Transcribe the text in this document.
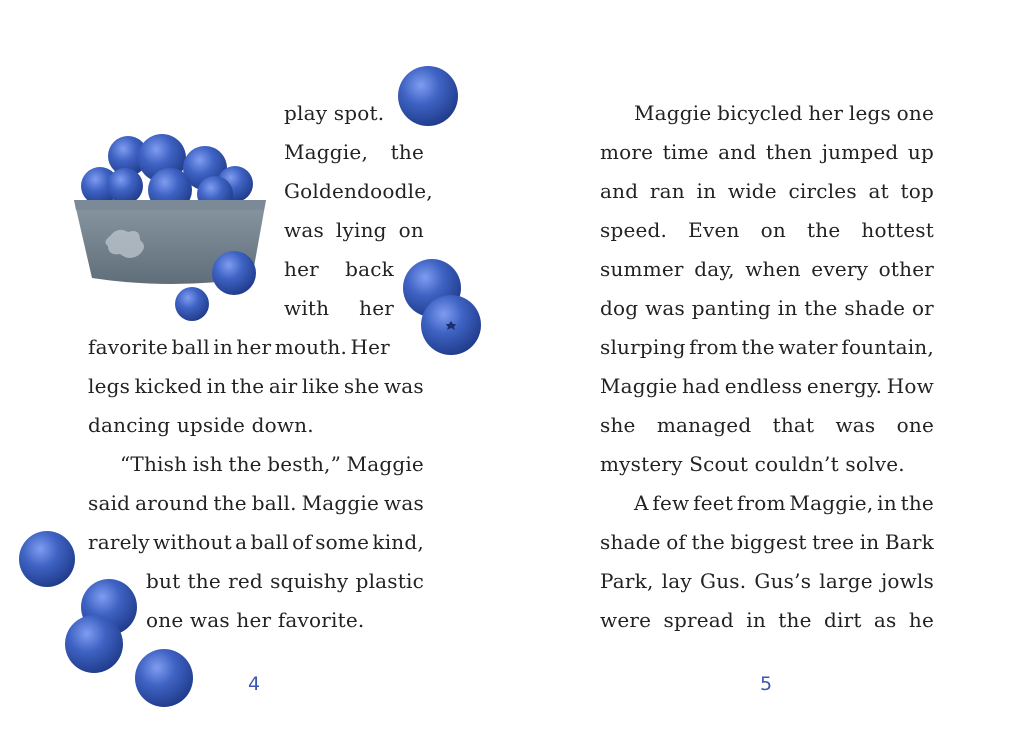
play spot.
Maggie, the
Goldendoodle,
was lying on
her back
with her
favorite ball in her mouth. Her
legs kicked in the air like she was
dancing upside down.
“Thish ish the besth,” Maggie
said around the ball. Maggie was
rarely without a ball of some kind,
but the red squishy plastic
one was her favorite.
4
Maggie bicycled her legs one
more time and then jumped up
and ran in wide circles at top
speed. Even on the hottest
summer day, when every other
dog was panting in the shade or
slurping from the water fountain,
Maggie had endless energy. How
she managed that was one
mystery Scout couldn’t solve.
A few feet from Maggie, in the
shade of the biggest tree in Bark
Park, lay Gus. Gus’s large jowls
were spread in the dirt as he
5
